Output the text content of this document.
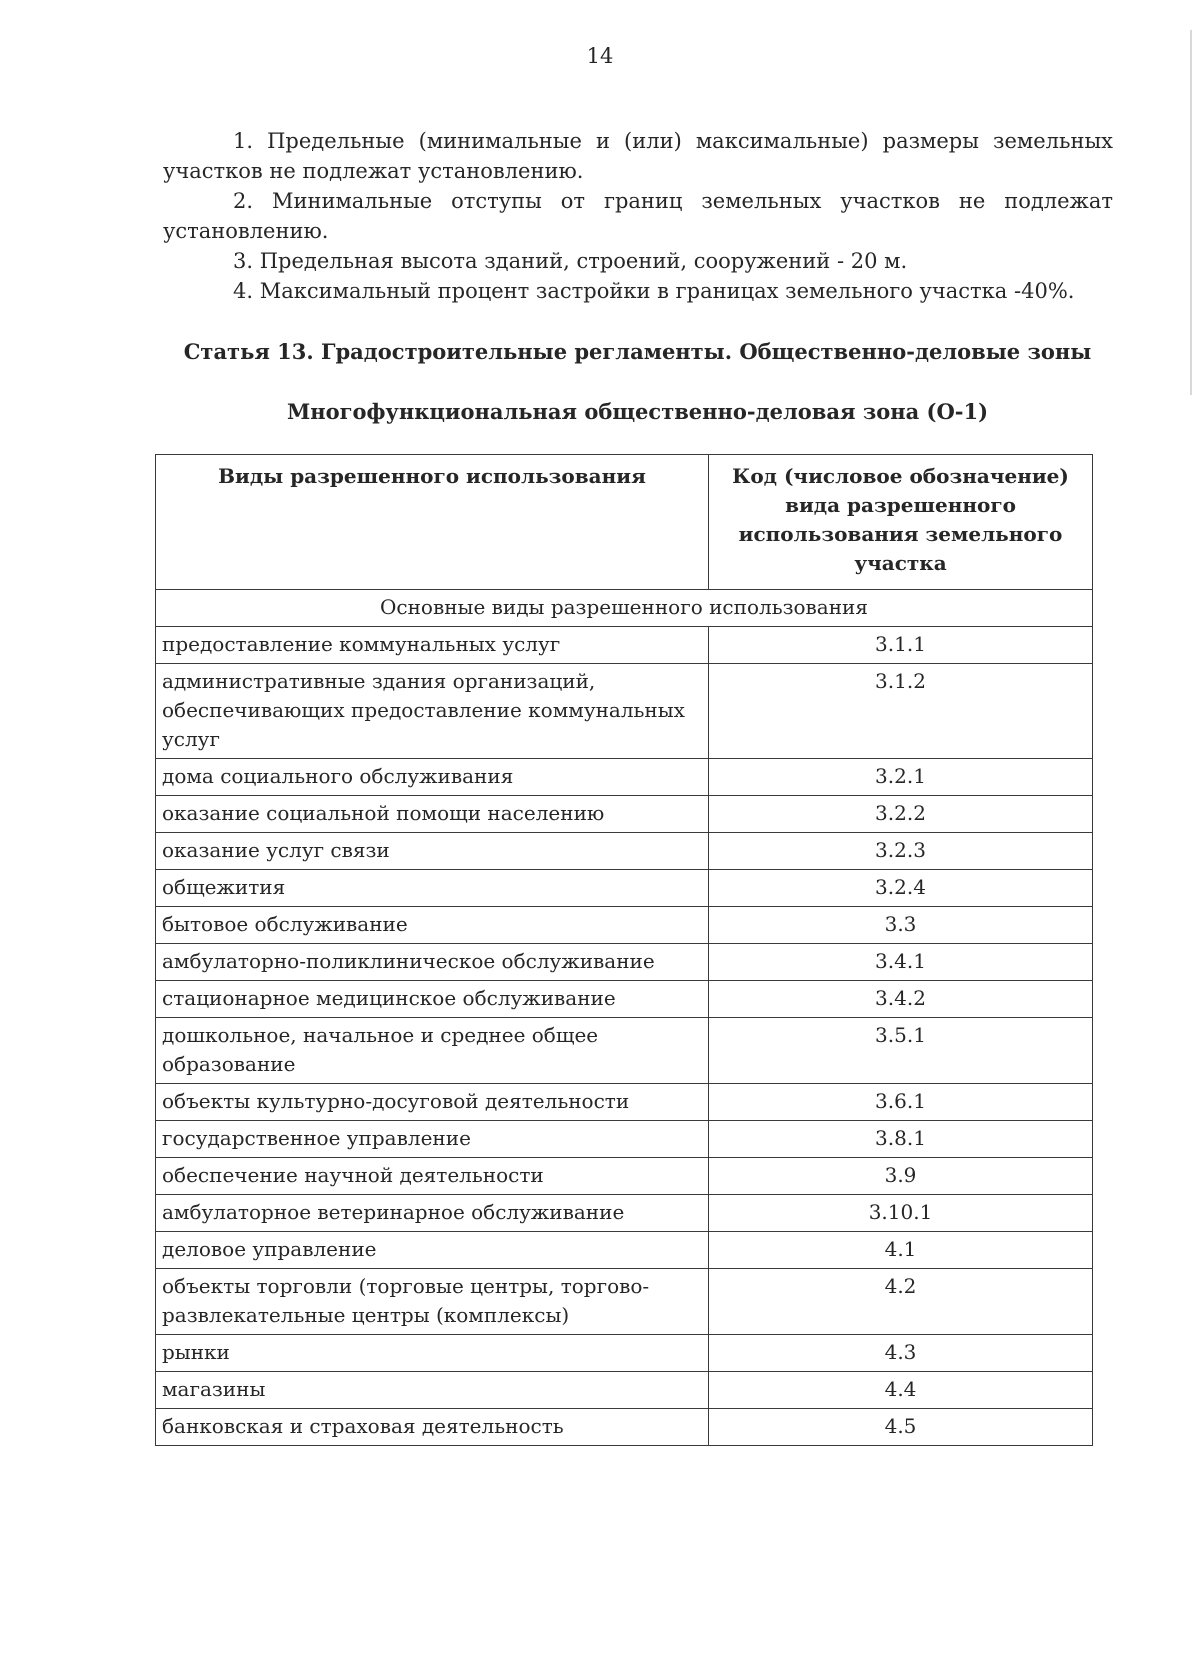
14

1. Предельные (минимальные и (или) максимальные) размеры земельных участков не подлежат установлению.

2. Минимальные отступы от границ земельных участков не подлежат установлению.

3. Предельная высота зданий, строений, сооружений - 20 м.

4. Максимальный процент застройки в границах земельного участка -40%.

Статья 13. Градостроительные регламенты. Общественно-деловые зоны
Многофункциональная общественно-деловая зона (О-1)
Виды разрешенного использования	Код (числовое обозначение) вида разрешенного использования земельного участка
Основные виды разрешенного использования	
предоставление коммунальных услуг	3.1.1
административные здания организаций, обеспечивающих предоставление коммунальных услуг	3.1.2
дома социального обслуживания	3.2.1
оказание социальной помощи населению	3.2.2
оказание услуг связи	3.2.3
общежития	3.2.4
бытовое обслуживание	3.3
амбулаторно-поликлиническое обслуживание	3.4.1
стационарное медицинское обслуживание	3.4.2
дошкольное, начальное и среднее общее образование	3.5.1
объекты культурно-досуговой деятельности	3.6.1
государственное управление	3.8.1
обеспечение научной деятельности	3.9
амбулаторное ветеринарное обслуживание	3.10.1
деловое управление	4.1
объекты торговли (торговые центры, торгово-развлекательные центры (комплексы)	4.2
рынки	4.3
магазины	4.4
банковская и страховая деятельность	4.5
